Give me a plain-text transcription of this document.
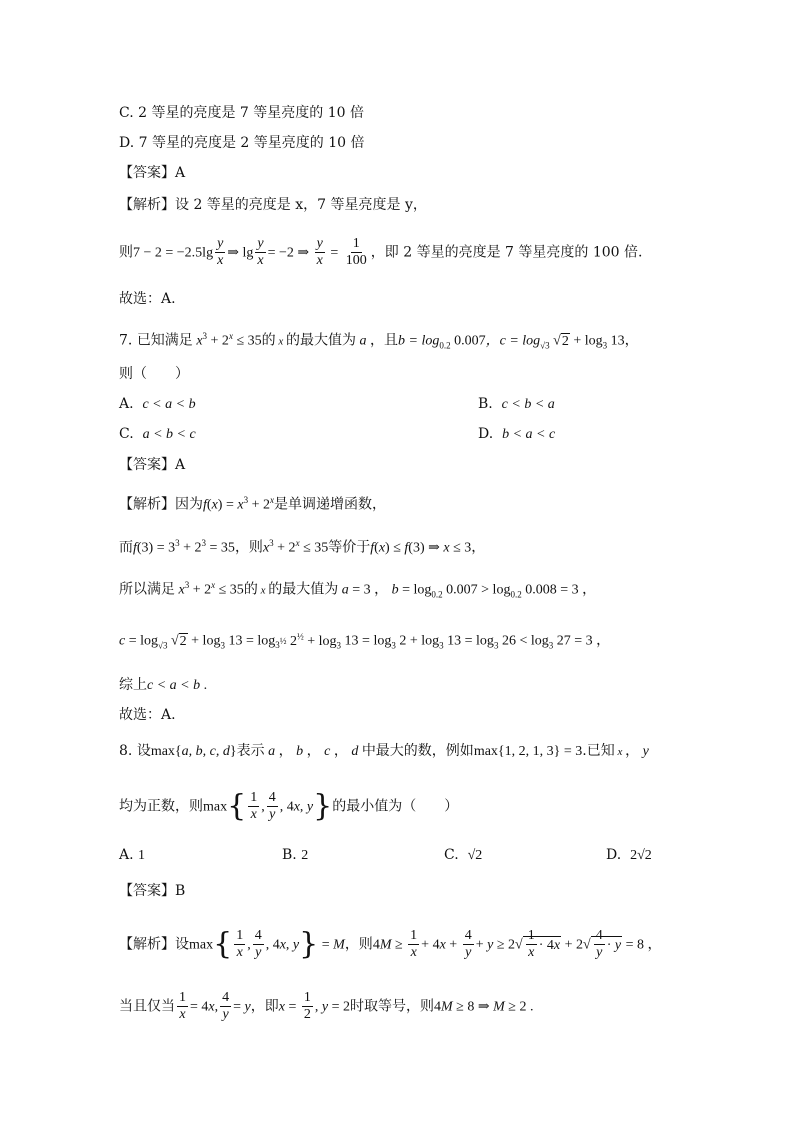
C. 2 等星的亮度是 7 等星亮度的 10 倍
D. 7 等星的亮度是 2 等星亮度的 10 倍
【答案】A
【解析】设 2 等星的亮度是 x，7 等星亮度是 y，
则$7 - 2 = -2.5\lg \frac{y}{x}$ ⇒ $\lg \frac{y}{x} = -2$ ⇒ $\frac{y}{x} = \frac{1}{100}$ ，即 2 等星的亮度是 7 等星亮度的 100 倍.
故选：A.
7. 已知满足 $x^3 + 2^x \le 35$的 x 的最大值为 a ，且$b = \log_{0.2} 0.007$，$c = \log_{√3} √2 + \log_3 13$，
则（　　）
A. c < a < b	B. c < b < a
C. a < b < c	D. b < a < c
【答案】A
【解析】因为$f(x) = x^3 + 2^x$是单调递增函数，
而$f(3) = 3^3 + 2^3 = 35$，则$x^3 + 2^x \le 35$等价于f(x) ≤ f(3) ⇒ x ≤ 3，
所以满足 $x^3 + 2^x \le 35$的 x 的最大值为 a = 3 ， $b = \log_{0.2} 0.007 > \log_{0.2} 0.008 = 3$ ，
$c = \log_{√3} √2 + \log_3 13 = \log_{3^{\frac{1}{2}}} 2^{\frac{1}{2}} + \log_3 13 = \log_3 2 + \log_3 13 = \log_3 26 < \log_3 27 = 3$ ，
综上c < a < b .
故选：A.
8. 设max{a, b, c, d}表示 a ， b ， c ， d 中最大的数，例如max{1, 2, 1, 3} = 3.已知 x ， y
均为正数，则$\max\{ \frac{1}{x}$ , $\frac{4}{y}$ , 4x, y}的最小值为（　　）
A. 1	B. 2	C. √2	D. 2√2
【答案】B
【解析】设$\max\{ \frac{1}{x}$ , $\frac{4}{y}$ , 4x, y} = M，则$4M \ge \frac{1}{x} + 4x + \frac{4}{y} + y \ge 2√ \frac{1}{x} \cdot 4x + 2√ \frac{4}{y} \cdot y = 8$ ，
当且仅当 $\frac{1}{x} = 4x$, $\frac{4}{y} = y$，即$x = \frac{1}{2}$ , y = 2时取等号，则4M ≥ 8 ⇒ M ≥ 2 .
